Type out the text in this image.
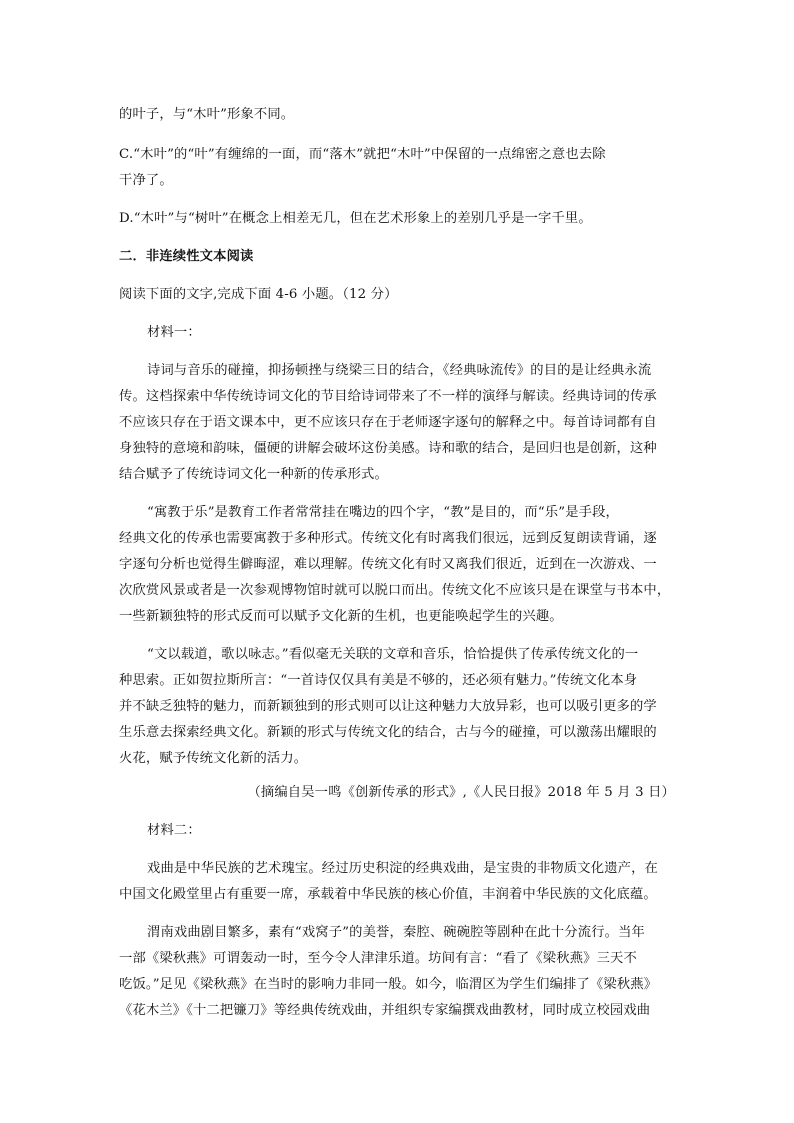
的叶子，与“木叶”形象不同。
C.“木叶”的“叶”有缠绵的一面，而“落木”就把“木叶”中保留的一点绵密之意也去除
干净了。
D.“木叶”与“树叶”在概念上相差无几，但在艺术形象上的差别几乎是一字千里。
二．非连续性文本阅读
阅读下面的文字,完成下面 4-6 小题。（12 分）
材料一：
诗词与音乐的碰撞，抑扬顿挫与绕梁三日的结合，《经典咏流传》的目的是让经典永流
传。这档探索中华传统诗词文化的节目给诗词带来了不一样的演绎与解读。经典诗词的传承
不应该只存在于语文课本中，更不应该只存在于老师逐字逐句的解释之中。每首诗词都有自
身独特的意境和韵味，僵硬的讲解会破坏这份美感。诗和歌的结合，是回归也是创新，这种
结合赋予了传统诗词文化一种新的传承形式。
“寓教于乐”是教育工作者常常挂在嘴边的四个字，“教”是目的，而“乐”是手段，
经典文化的传承也需要寓教于多种形式。传统文化有时离我们很远，远到反复朗读背诵，逐
字逐句分析也觉得生僻晦涩，难以理解。传统文化有时又离我们很近，近到在一次游戏、一
次欣赏风景或者是一次参观博物馆时就可以脱口而出。传统文化不应该只是在课堂与书本中，
一些新颖独特的形式反而可以赋予文化新的生机，也更能唤起学生的兴趣。
“文以载道，歌以咏志。”看似毫无关联的文章和音乐，恰恰提供了传承传统文化的一
种思索。正如贺拉斯所言：“一首诗仅仅具有美是不够的，还必须有魅力。”传统文化本身
并不缺乏独特的魅力，而新颖独到的形式则可以让这种魅力大放异彩，也可以吸引更多的学
生乐意去探索经典文化。新颖的形式与传统文化的结合，古与今的碰撞，可以激荡出耀眼的
火花，赋予传统文化新的活力。
（摘编自吴一鸣《创新传承的形式》,《人民日报》2018 年 5 月 3 日）
材料二：
戏曲是中华民族的艺术瑰宝。经过历史积淀的经典戏曲，是宝贵的非物质文化遗产，在
中国文化殿堂里占有重要一席，承载着中华民族的核心价值，丰润着中华民族的文化底蕴。
渭南戏曲剧目繁多，素有“戏窝子”的美誉，秦腔、碗碗腔等剧种在此十分流行。当年
一部《梁秋燕》可谓轰动一时，至今令人津津乐道。坊间有言：“看了《梁秋燕》三天不
吃饭。”足见《梁秋燕》在当时的影响力非同一般。如今，临渭区为学生们编排了《梁秋燕》
《花木兰》《十二把镰刀》等经典传统戏曲，并组织专家编撰戏曲教材，同时成立校园戏曲
